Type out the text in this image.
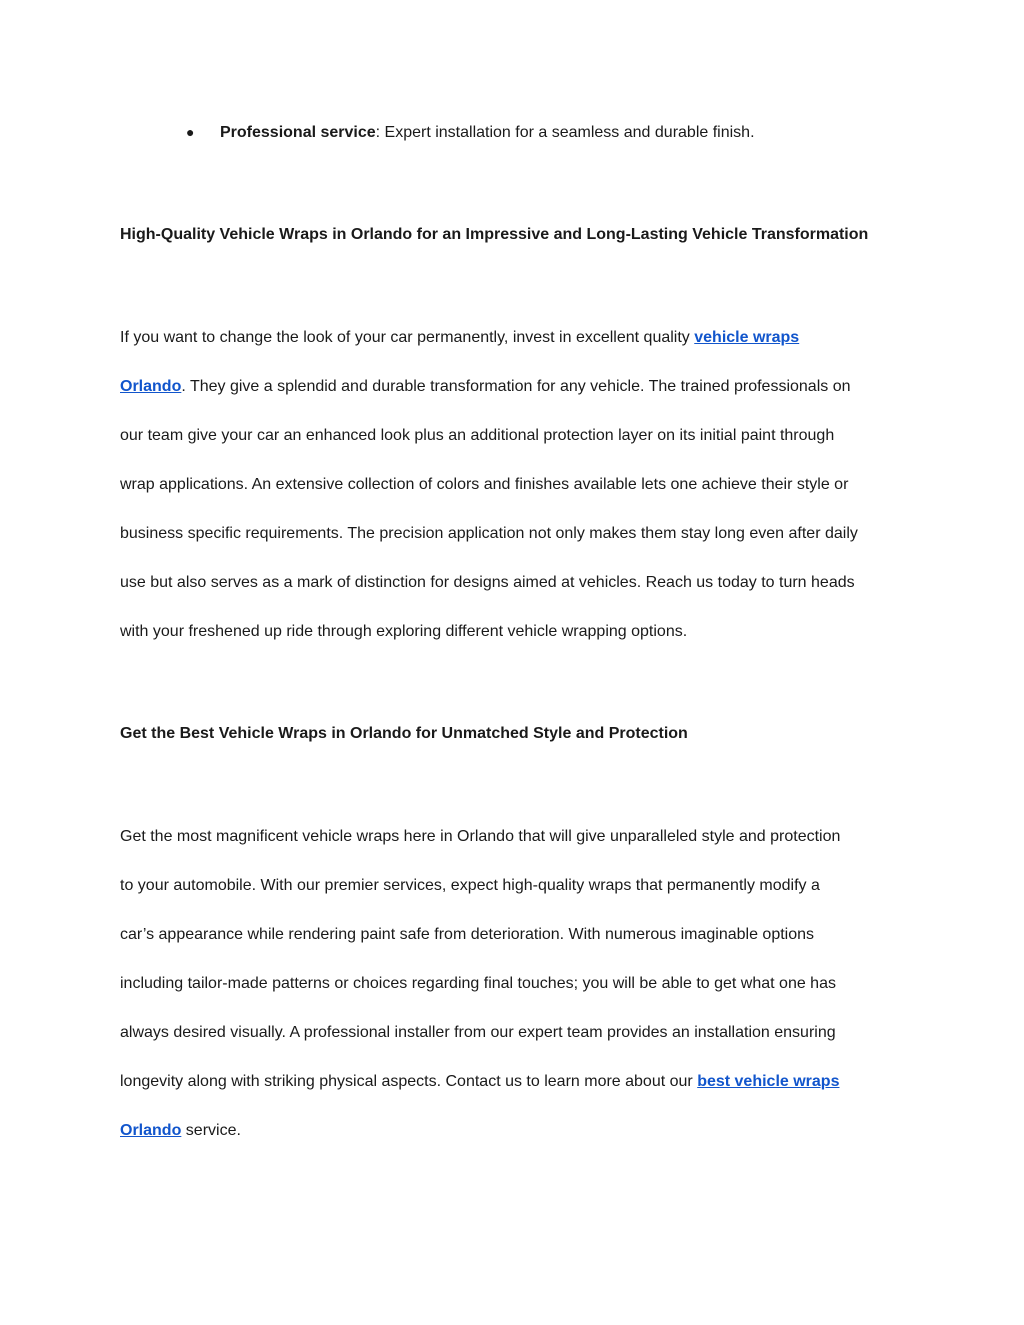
● Professional service: Expert installation for a seamless and durable finish.
High-Quality Vehicle Wraps in Orlando for an Impressive and Long-Lasting Vehicle Transformation
If you want to change the look of your car permanently, invest in excellent quality vehicle wraps
Orlando. They give a splendid and durable transformation for any vehicle. The trained professionals on
our team give your car an enhanced look plus an additional protection layer on its initial paint through
wrap applications. An extensive collection of colors and finishes available lets one achieve their style or
business specific requirements. The precision application not only makes them stay long even after daily
use but also serves as a mark of distinction for designs aimed at vehicles. Reach us today to turn heads
with your freshened up ride through exploring different vehicle wrapping options.
Get the Best Vehicle Wraps in Orlando for Unmatched Style and Protection
Get the most magnificent vehicle wraps here in Orlando that will give unparalleled style and protection
to your automobile. With our premier services, expect high-quality wraps that permanently modify a
car’s appearance while rendering paint safe from deterioration. With numerous imaginable options
including tailor-made patterns or choices regarding final touches; you will be able to get what one has
always desired visually. A professional installer from our expert team provides an installation ensuring
longevity along with striking physical aspects. Contact us to learn more about our best vehicle wraps
Orlando service.
